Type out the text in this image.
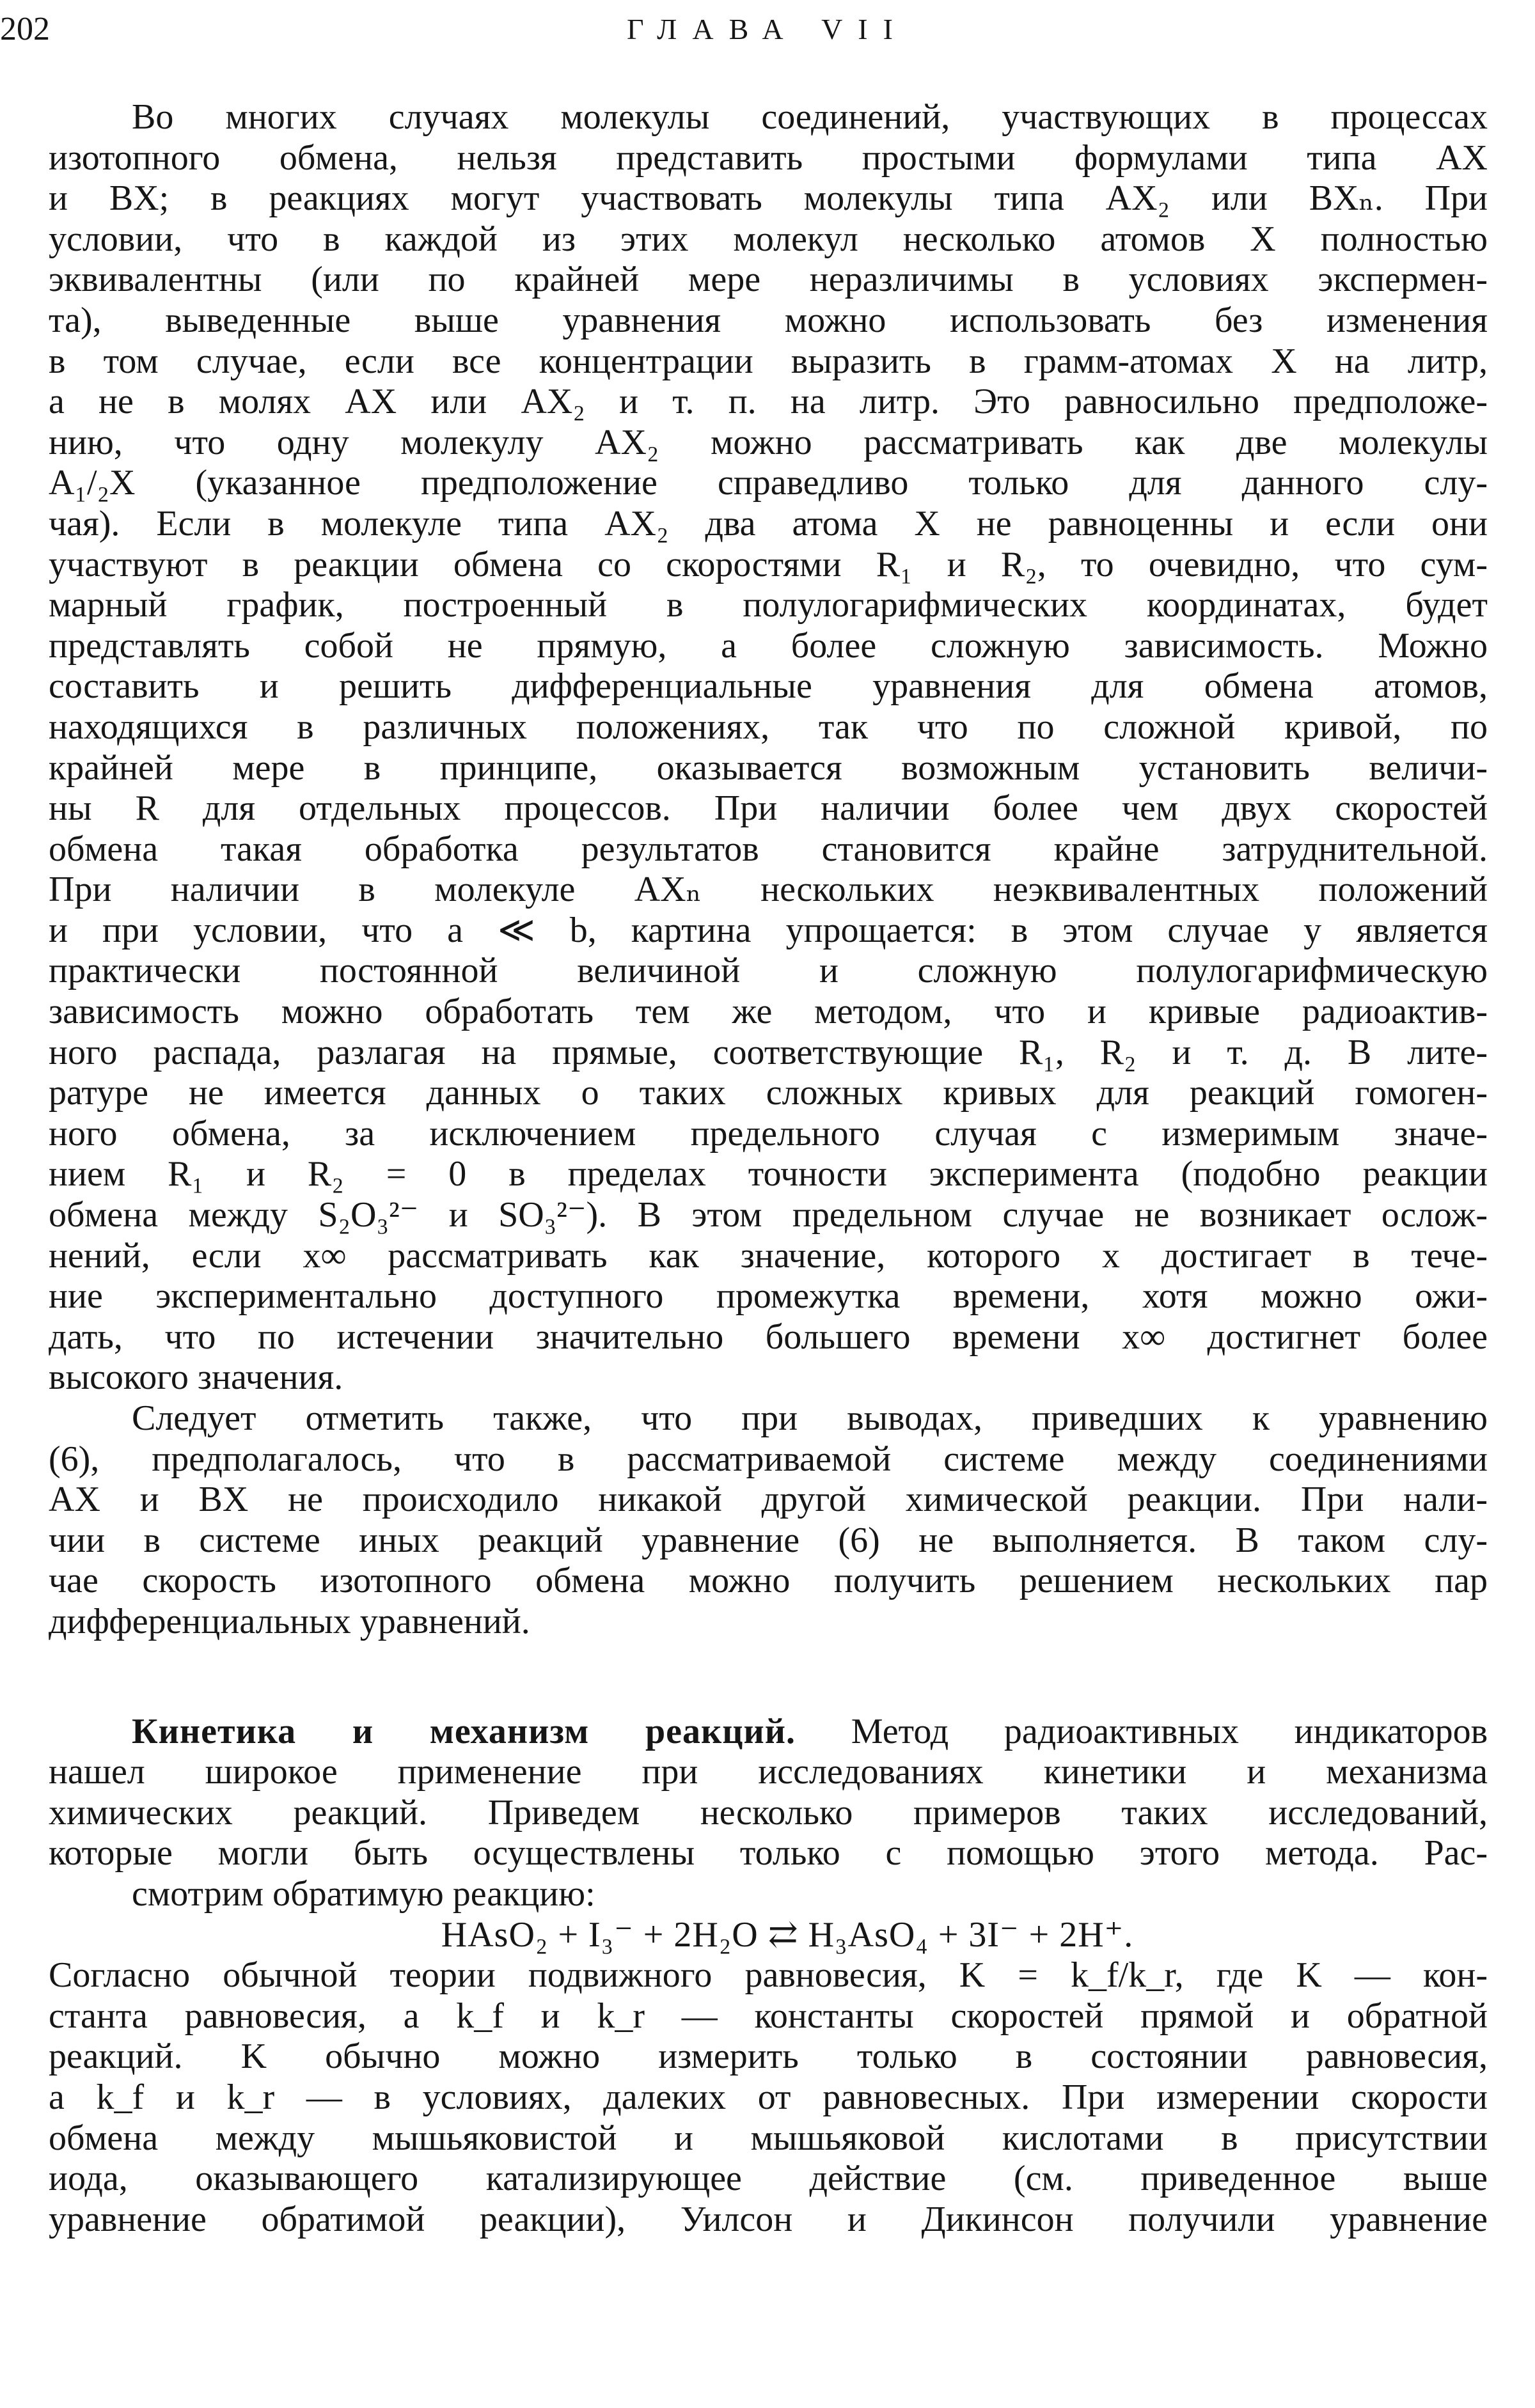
202	ГЛАВА VII
Во многих случаях молекулы соединений, участвующих в процессах
изотопного обмена, нельзя представить простыми формулами типа AX
и BX; в реакциях могут участвовать молекулы типа AX₂ или BXₙ. При
условии, что в каждой из этих молекул несколько атомов X полностью
эквивалентны (или по крайней мере неразличимы в условиях экспермен-
та), выведенные выше уравнения можно использовать без изменения
в том случае, если все концентрации выразить в грамм-атомах X на литр,
а не в молях AX или AX₂ и т. п. на литр. Это равносильно предположе-
нию, что одну молекулу AX₂ можно рассматривать как две молекулы
A₁/₂X (указанное предположение справедливо только для данного слу-
чая). Если в молекуле типа AX₂ два атома X не равноценны и если они
участвуют в реакции обмена со скоростями R₁ и R₂, то очевидно, что сум-
марный график, построенный в полулогарифмических координатах, будет
представлять собой не прямую, а более сложную зависимость. Можно
составить и решить дифференциальные уравнения для обмена атомов,
находящихся в различных положениях, так что по сложной кривой, по
крайней мере в принципе, оказывается возможным установить величи-
ны R для отдельных процессов. При наличии более чем двух скоростей
обмена такая обработка результатов становится крайне затруднительной.
При наличии в молекуле AXₙ нескольких неэквивалентных положений
и при условии, что a ≪ b, картина упрощается: в этом случае y является
практически постоянной величиной и сложную полулогарифмическую
зависимость можно обработать тем же методом, что и кривые радиоактив-
ного распада, разлагая на прямые, соответствующие R₁, R₂ и т. д. В лите-
ратуре не имеется данных о таких сложных кривых для реакций гомоген-
ного обмена, за исключением предельного случая с измеримым значе-
нием R₁ и R₂ = 0 в пределах точности эксперимента (подобно реакции
обмена между S₂O₃²⁻ и SO₃²⁻). В этом предельном случае не возникает ослож-
нений, если x∞ рассматривать как значение, которого x достигает в тече-
ние экспериментально доступного промежутка времени, хотя можно ожи-
дать, что по истечении значительно большего времени x∞ достигнет более
высокого значения.
Следует отметить также, что при выводах, приведших к уравнению
(6), предполагалось, что в рассматриваемой системе между соединениями
AX и BX не происходило никакой другой химической реакции. При нали-
чии в системе иных реакций уравнение (6) не выполняется. В таком слу-
чае скорость изотопного обмена можно получить решением нескольких пар
дифференциальных уравнений.
Кинетика и механизм реакций. Метод радиоактивных индикаторов
нашел широкое применение при исследованиях кинетики и механизма
химических реакций. Приведем несколько примеров таких исследований,
которые могли быть осуществлены только с помощью этого метода. Рас-
смотрим обратимую реакцию:
HAsO₂ + I₃⁻ + 2H₂O ⇄ H₃AsO₄ + 3I⁻ + 2H⁺.
Согласно обычной теории подвижного равновесия, K = k_f/k_r, где K — кон-
станта равновесия, а k_f и k_r — константы скоростей прямой и обратной
реакций. K обычно можно измерить только в состоянии равновесия,
а k_f и k_r — в условиях, далеких от равновесных. При измерении скорости
обмена между мышьяковистой и мышьяковой кислотами в присутствии
иода, оказывающего катализирующее действие (см. приведенное выше
уравнение обратимой реакции), Уилсон и Дикинсон получили уравнение
